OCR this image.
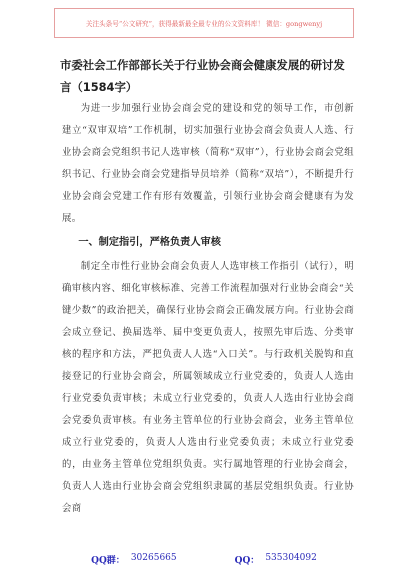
关注头条号“公文研究”，获得最新最全最专业的公文资料库！ 微信：gongwenyj

市委社会工作部部长关于行业协会商会健康发展的研讨发
言（1584字）

为进一步加强行业协会商会党的建设和党的领导工作，市创新建立“双审双培”工作机制，切实加强行业协会商会负责人人选、行业协会商会党组织书记人选审核（简称“双审”），行业协会商会党组织书记、行业协会商会党建指导员培养（简称“双培”），不断提升行业协会商会党建工作有形有效覆盖，引领行业协会商会健康有为发展。

一、制定指引，严格负责人审核

制定全市性行业协会商会负责人人选审核工作指引（试行），明确审核内容、细化审核标准、完善工作流程加强对行业协会商会“关键少数”的政治把关，确保行业协会商会正确发展方向。行业协会商会成立登记、换届选举、届中变更负责人，按照先审后选、分类审核的程序和方法，严把负责人人选“入口关”。与行政机关脱钩和直接登记的行业协会商会，所属领域成立行业党委的，负责人人选由行业党委负责审核；未成立行业党委的，负责人人选由行业协会商会党委负责审核。有业务主管单位的行业协会商会，业务主管单位成立行业党委的，负责人人选由行业党委负责；未成立行业党委的，由业务主管单位党组织负责。实行属地管理的行业协会商会，负责人人选由行业协会商会党组织隶属的基层党组织负责。行业协会商

QQ群： 30265665	QQ： 535304092
